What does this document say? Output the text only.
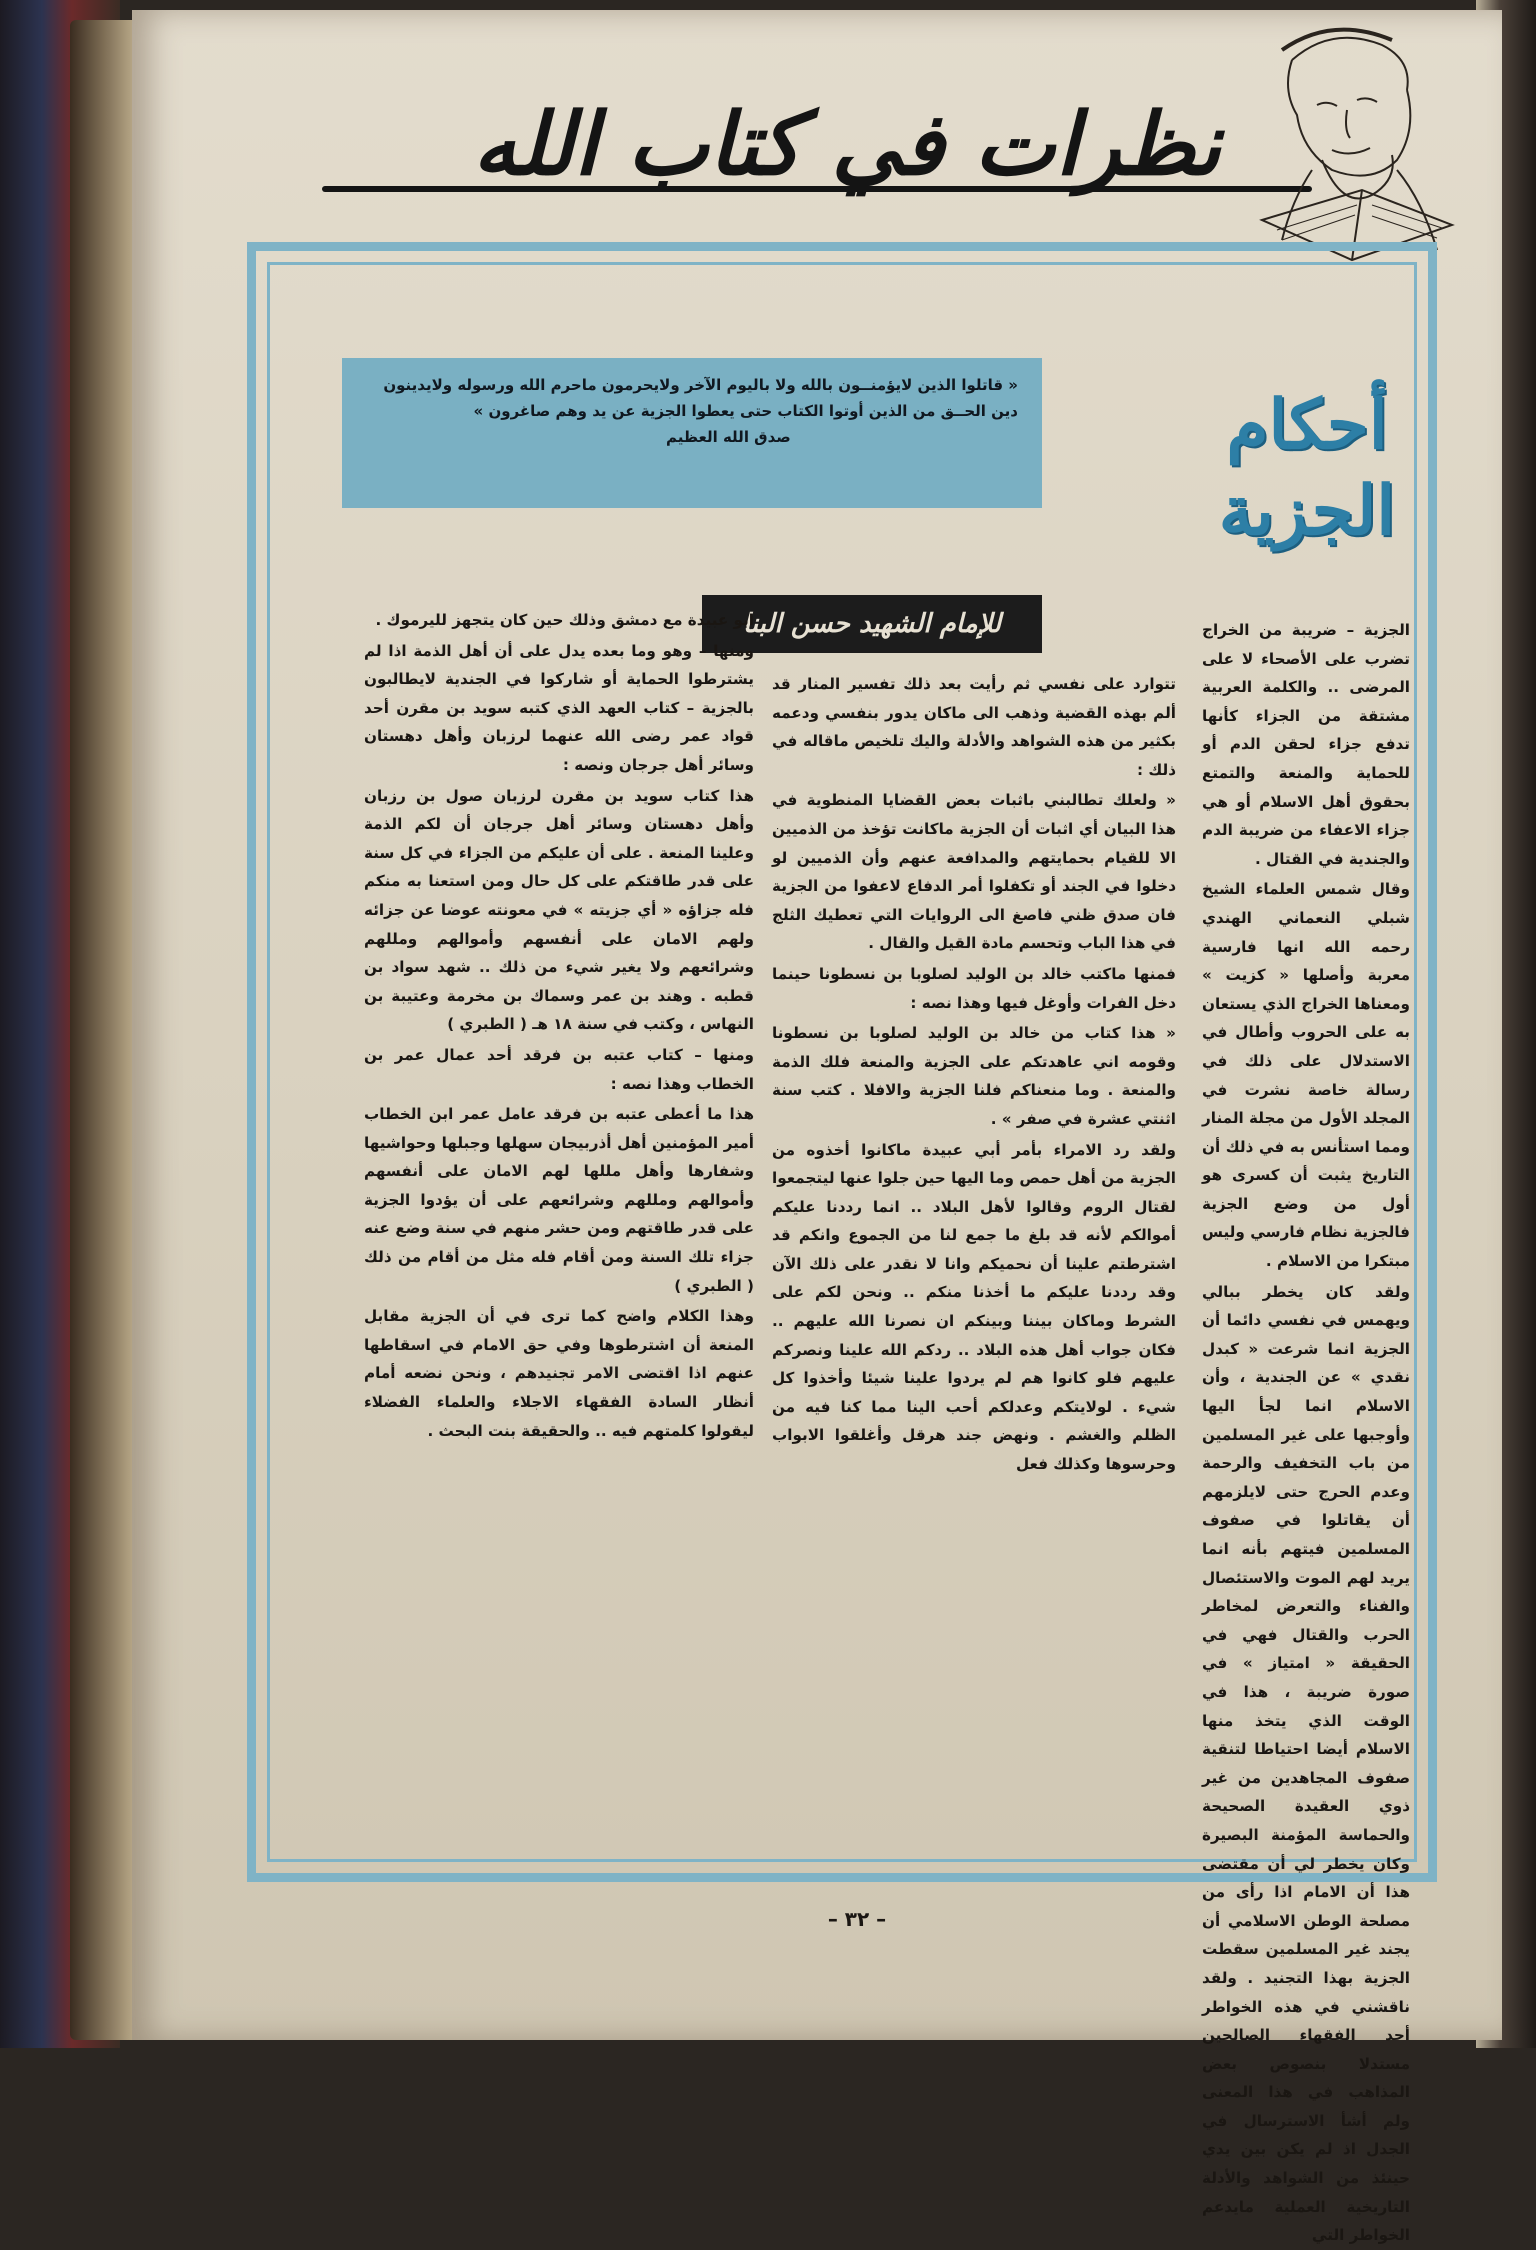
نظرات في كتاب الله
« قاتلوا الذين لايؤمنــون بالله ولا باليوم الآخر ولايحرمون ماحرم الله ورسوله ولايدينون دين الحــق من الذين أوتوا الكتاب حتى يعطوا الجزية عن يد وهم صاغرون »
صدق الله العظيم	أحكام
الجزية
للإمام الشهيد حسن البنا	الجزية – ضريبة من الخراج تضرب على الأصحاء لا على المرضى .. والكلمة العربية مشتقة من الجزاء كأنها تدفع جزاء لحقن الدم أو للحماية والمنعة والتمتع بحقوق أهل الاسلام أو هي جزاء الاعفاء من ضريبة الدم والجندية في القتال .

وقال شمس العلماء الشيخ شبلي النعماني الهندي رحمه الله انها فارسية معربة وأصلها « كزيت » ومعناها الخراج الذي يستعان به على الحروب وأطال في الاستدلال على ذلك في رسالة خاصة نشرت في المجلد الأول من مجلة المنار ومما استأنس به في ذلك أن التاريخ يثبت أن كسرى هو أول من وضع الجزية فالجزية نظام فارسي وليس مبتكرا من الاسلام .

ولقد كان يخطر ببالي ويهمس في نفسي دائما أن الجزية انما شرعت « كبدل نقدي » عن الجندية ، وأن الاسلام انما لجأ اليها وأوجبها على غير المسلمين من باب التخفيف والرحمة وعدم الحرج حتى لايلزمهم أن يقاتلوا في صفوف المسلمين فيتهم بأنه انما يريد لهم الموت والاستئصال والفناء والتعرض لمخاطر الحرب والقتال فهي في الحقيقة « امتياز » في صورة ضريبة ، هذا في الوقت الذي يتخذ منها الاسلام أيضا احتياطا لتنقية صفوف المجاهدين من غير ذوي العقيدة الصحيحة والحماسة المؤمنة البصيرة وكان يخطر لي أن مقتضى هذا أن الامام اذا رأى من مصلحة الوطن الاسلامي أن يجند غير المسلمين سقطت الجزية بهذا التجنيد . ولقد ناقشني في هذه الخواطر أحد الفقهاء الصالحين مستدلا بنصوص بعض المذاهب في هذا المعنى ولم أشأ الاسترسال في الجدل اذ لم يكن بين يدي حينئذ من الشواهد والأدلة التاريخية العملية مايدعم الخواطر التي

تتوارد على نفسي ثم رأيت بعد ذلك تفسير المنار قد ألم بهذه القضية وذهب الى ماكان يدور بنفسي ودعمه بكثير من هذه الشواهد والأدلة واليك تلخيص ماقاله في ذلك :

« ولعلك تطالبني باثبات بعض القضايا المنطوية في هذا البيان أي اثبات أن الجزية ماكانت تؤخذ من الذميين الا للقيام بحمايتهم والمدافعة عنهم وأن الذميين لو دخلوا في الجند أو تكفلوا أمر الدفاع لاعفوا من الجزية فان صدق ظني فاصغ الى الروايات التي تعطيك الثلج في هذا الباب وتحسم مادة القيل والقال .

فمنها ماكتب خالد بن الوليد لصلوبا بن نسطونا حينما دخل الفرات وأوغل فيها وهذا نصه :

« هذا كتاب من خالد بن الوليد لصلوبا بن نسطونا وقومه اني عاهدتكم على الجزية والمنعة فلك الذمة والمنعة . وما منعناكم فلنا الجزية والافلا . كتب سنة اثنتي عشرة في صفر » .

ولقد رد الامراء بأمر أبي عبيدة ماكانوا أخذوه من الجزية من أهل حمص وما اليها حين جلوا عنها ليتجمعوا لقتال الروم وقالوا لأهل البلاد .. انما رددنا عليكم أموالكم لأنه قد بلغ ما جمع لنا من الجموع وانكم قد اشترطتم علينا أن نحميكم وانا لا نقدر على ذلك الآن وقد رددنا عليكم ما أخذنا منكم .. ونحن لكم على الشرط وماكان بيننا وبينكم ان نصرنا الله عليهم .. فكان جواب أهل هذه البلاد .. ردكم الله علينا ونصركم عليهم فلو كانوا هم لم يردوا علينا شيئا وأخذوا كل شيء . لولايتكم وعدلكم أحب الينا مما كنا فيه من الظلم والغشم . ونهض جند هرقل وأغلقوا الابواب وحرسوها وكذلك فعل

ابو عبيدة مع دمشق وذلك حين كان يتجهز لليرموك .

ومنها – وهو وما بعده يدل على أن أهل الذمة اذا لم يشترطوا الحماية أو شاركوا في الجندية لايطالبون بالجزية – كتاب العهد الذي كتبه سويد بن مقرن أحد قواد عمر رضى الله عنهما لرزبان وأهل دهستان وسائر أهل جرجان ونصه :

هذا كتاب سويد بن مقرن لرزبان صول بن رزبان وأهل دهستان وسائر أهل جرجان أن لكم الذمة وعلينا المنعة . على أن عليكم من الجزاء في كل سنة على قدر طاقتكم على كل حال ومن استعنا به منكم فله جزاؤه « أي جزيته » في معونته عوضا عن جزائه ولهم الامان على أنفسهم وأموالهم ومللهم وشرائعهم ولا يغير شيء من ذلك .. شهد سواد بن قطبه . وهند بن عمر وسماك بن مخرمة وعتيبة بن النهاس ، وكتب في سنة ١٨ هـ ( الطبري )

ومنها – كتاب عتبه بن فرقد أحد عمال عمر بن الخطاب وهذا نصه :

هذا ما أعطى عتبه بن فرقد عامل عمر ابن الخطاب أمير المؤمنين أهل أذربيجان سهلها وجبلها وحواشيها وشفارها وأهل مللها لهم الامان على أنفسهم وأموالهم ومللهم وشرائعهم على أن يؤدوا الجزية على قدر طاقتهم ومن حشر منهم في سنة وضع عنه جزاء تلك السنة ومن أقام فله مثل من أقام من ذلك ( الطبري )

وهذا الكلام واضح كما ترى في أن الجزية مقابل المنعة أن اشترطوها وفي حق الامام في اسقاطها عنهم اذا اقتضى الامر تجنيدهم ، ونحن نضعه أمام أنظار السادة الفقهاء الاجلاء والعلماء الفضلاء ليقولوا كلمتهم فيه .. والحقيقة بنت البحث .

– ٣٢ –
